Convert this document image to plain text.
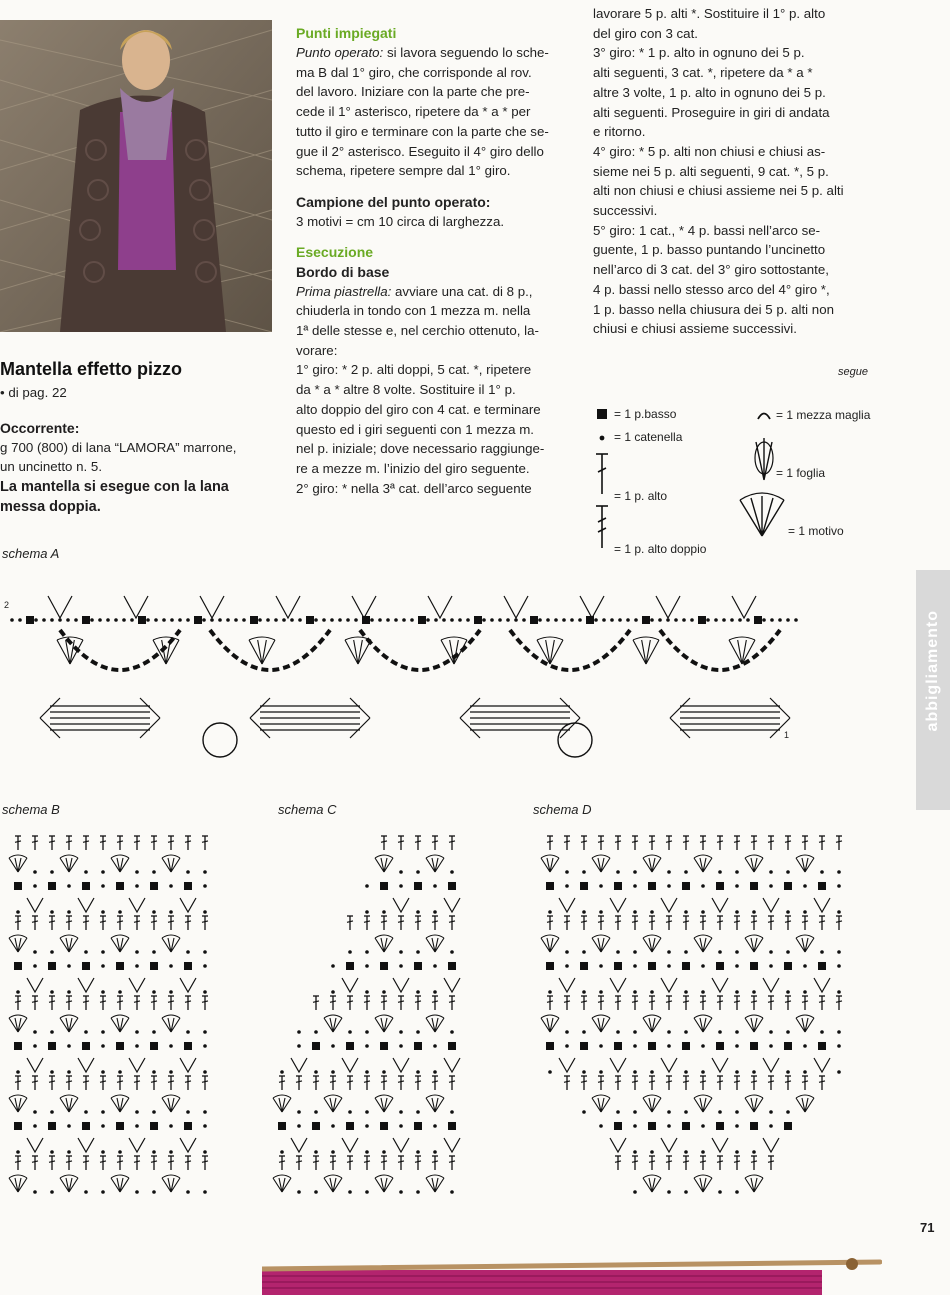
Mantella effetto pizzo
• di pag. 22
Occorrente:
g 700 (800) di lana “LAMORA” marrone,
un uncinetto n. 5.
La mantella si esegue con la lana
messa doppia.
Punti impiegati
Punto operato: si lavora seguendo lo sche-
ma B dal 1° giro, che corrisponde al rov.
del lavoro. Iniziare con la parte che pre-
cede il 1° asterisco, ripetere da * a * per
tutto il giro e terminare con la parte che se-
gue il 2° asterisco. Eseguito il 4° giro dello
schema, ripetere sempre dal 1° giro.
Campione del punto operato:
3 motivi = cm 10 circa di larghezza.
Esecuzione
Bordo di base
Prima piastrella: avviare una cat. di 8 p.,
chiuderla in tondo con 1 mezza m. nella
1ª delle stesse e, nel cerchio ottenuto, la-
vorare:
1° giro: * 2 p. alti doppi, 5 cat. *, ripetere
da * a * altre 8 volte. Sostituire il 1° p.
alto doppio del giro con 4 cat. e terminare
questo ed i giri seguenti con 1 mezza m.
nel p. iniziale; dove necessario raggiunge-
re a mezze m. l’inizio del giro seguente.
2° giro: * nella 3ª cat. dell’arco seguente
lavorare 5 p. alti *. Sostituire il 1° p. alto
del giro con 3 cat.
3° giro: * 1 p. alto in ognuno dei 5 p.
alti seguenti, 3 cat. *, ripetere da * a *
altre 3 volte, 1 p. alto in ognuno dei 5 p.
alti seguenti. Proseguire in giri di andata
e ritorno.
4° giro: * 5 p. alti non chiusi e chiusi as-
sieme nei 5 p. alti seguenti, 9 cat. *, 5 p.
alti non chiusi e chiusi assieme nei 5 p. alti
successivi.
5° giro: 1 cat., * 4 p. bassi nell’arco se-
guente, 1 p. basso puntando l’uncinetto
nell’arco di 3 cat. del 3° giro sottostante,
4 p. bassi nello stesso arco del 4° giro *,
1 p. basso nella chiusura dei 5 p. alti non
chiusi e chiusi assieme successivi.
segue
= 1 p.basso
= 1 catenella
= 1 p. alto
= 1 p. alto doppio
= 1 mezza maglia
= 1 foglia
= 1 motivo
abbigliamento
schema A
2
1
schema B	schema C	schema D
71
